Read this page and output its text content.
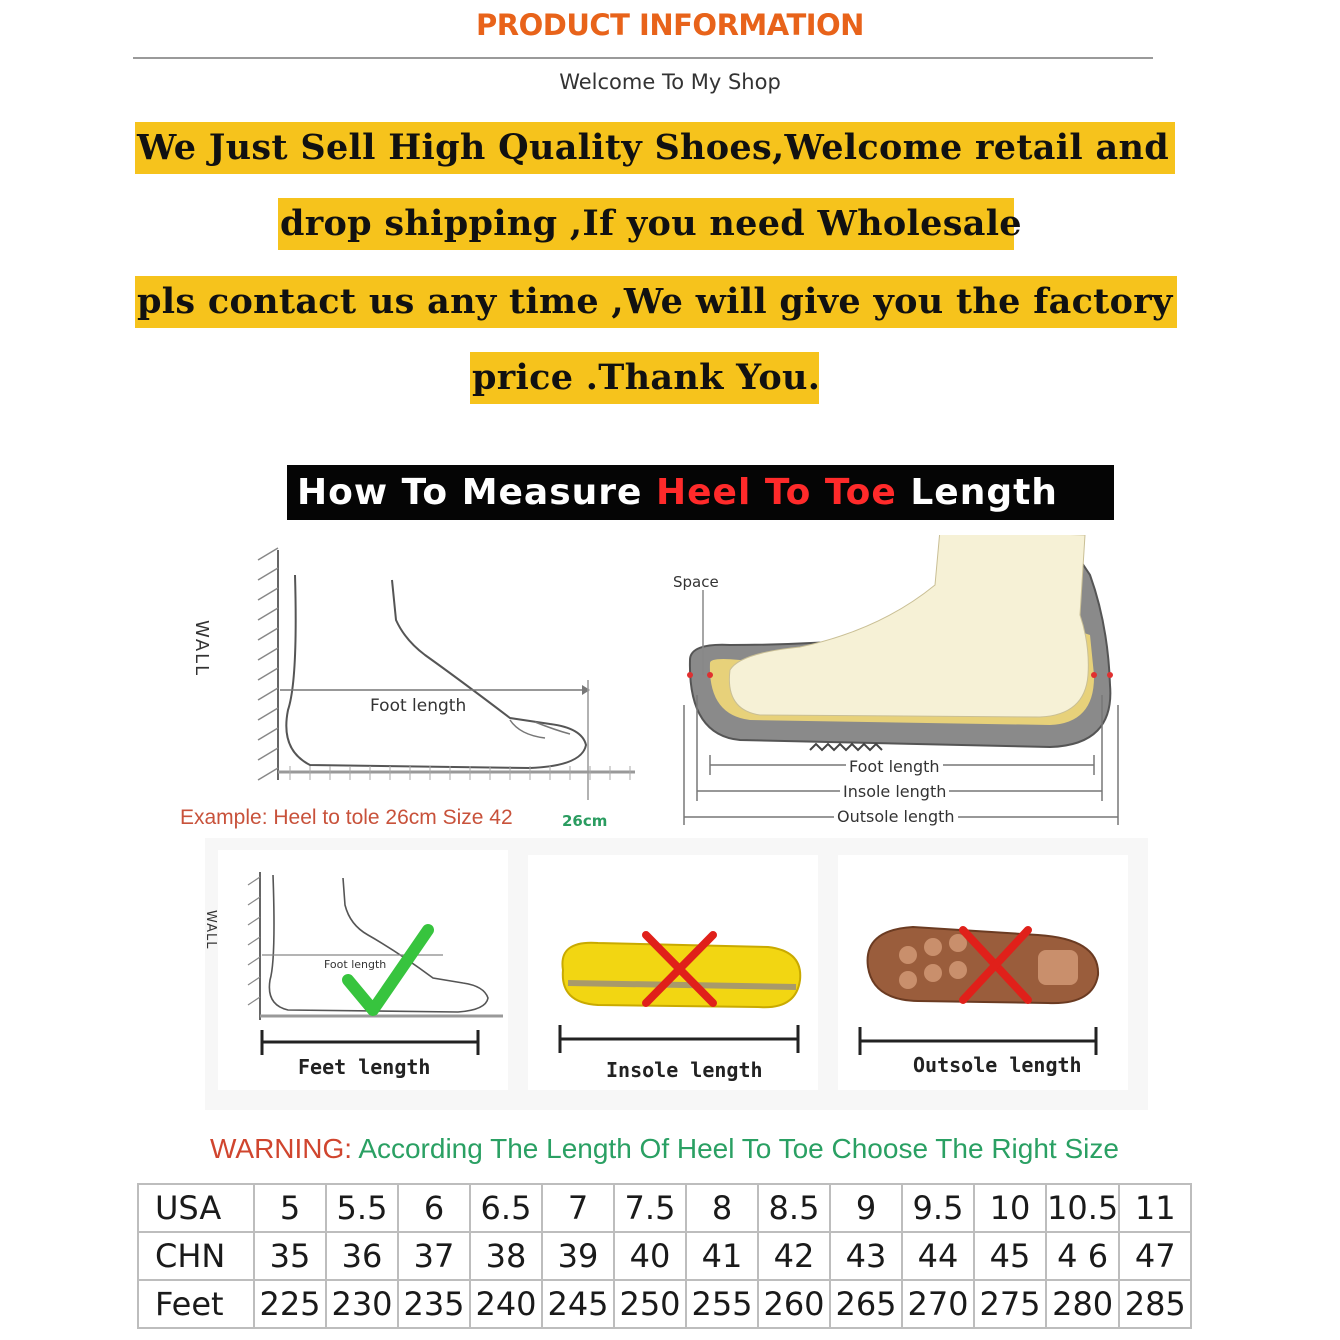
PRODUCT INFORMATION
Welcome To My Shop
We Just Sell High Quality Shoes,Welcome retail and
drop shipping ,If you need Wholesale
pls contact us any time ,We will give you the factory
price .Thank You.
How To Measure Heel To Toe Length
WALL
Foot length
Example: Heel to tole 26cm Size 42	26cm
Space
Foot length
Insole length
Outsole length
WALL
Foot length
Feet length	Insole length	Outsole length
WARNING: According The Length Of Heel To Toe Choose The Right Size
USA	5	5.5	6	6.5	7	7.5	8	8.5	9	9.5	10	10.5	11
CHN	35	36	37	38	39	40	41	42	43	44	45	4 6	47
Feet	225	230	235	240	245	250	255	260	265	270	275	280	285
